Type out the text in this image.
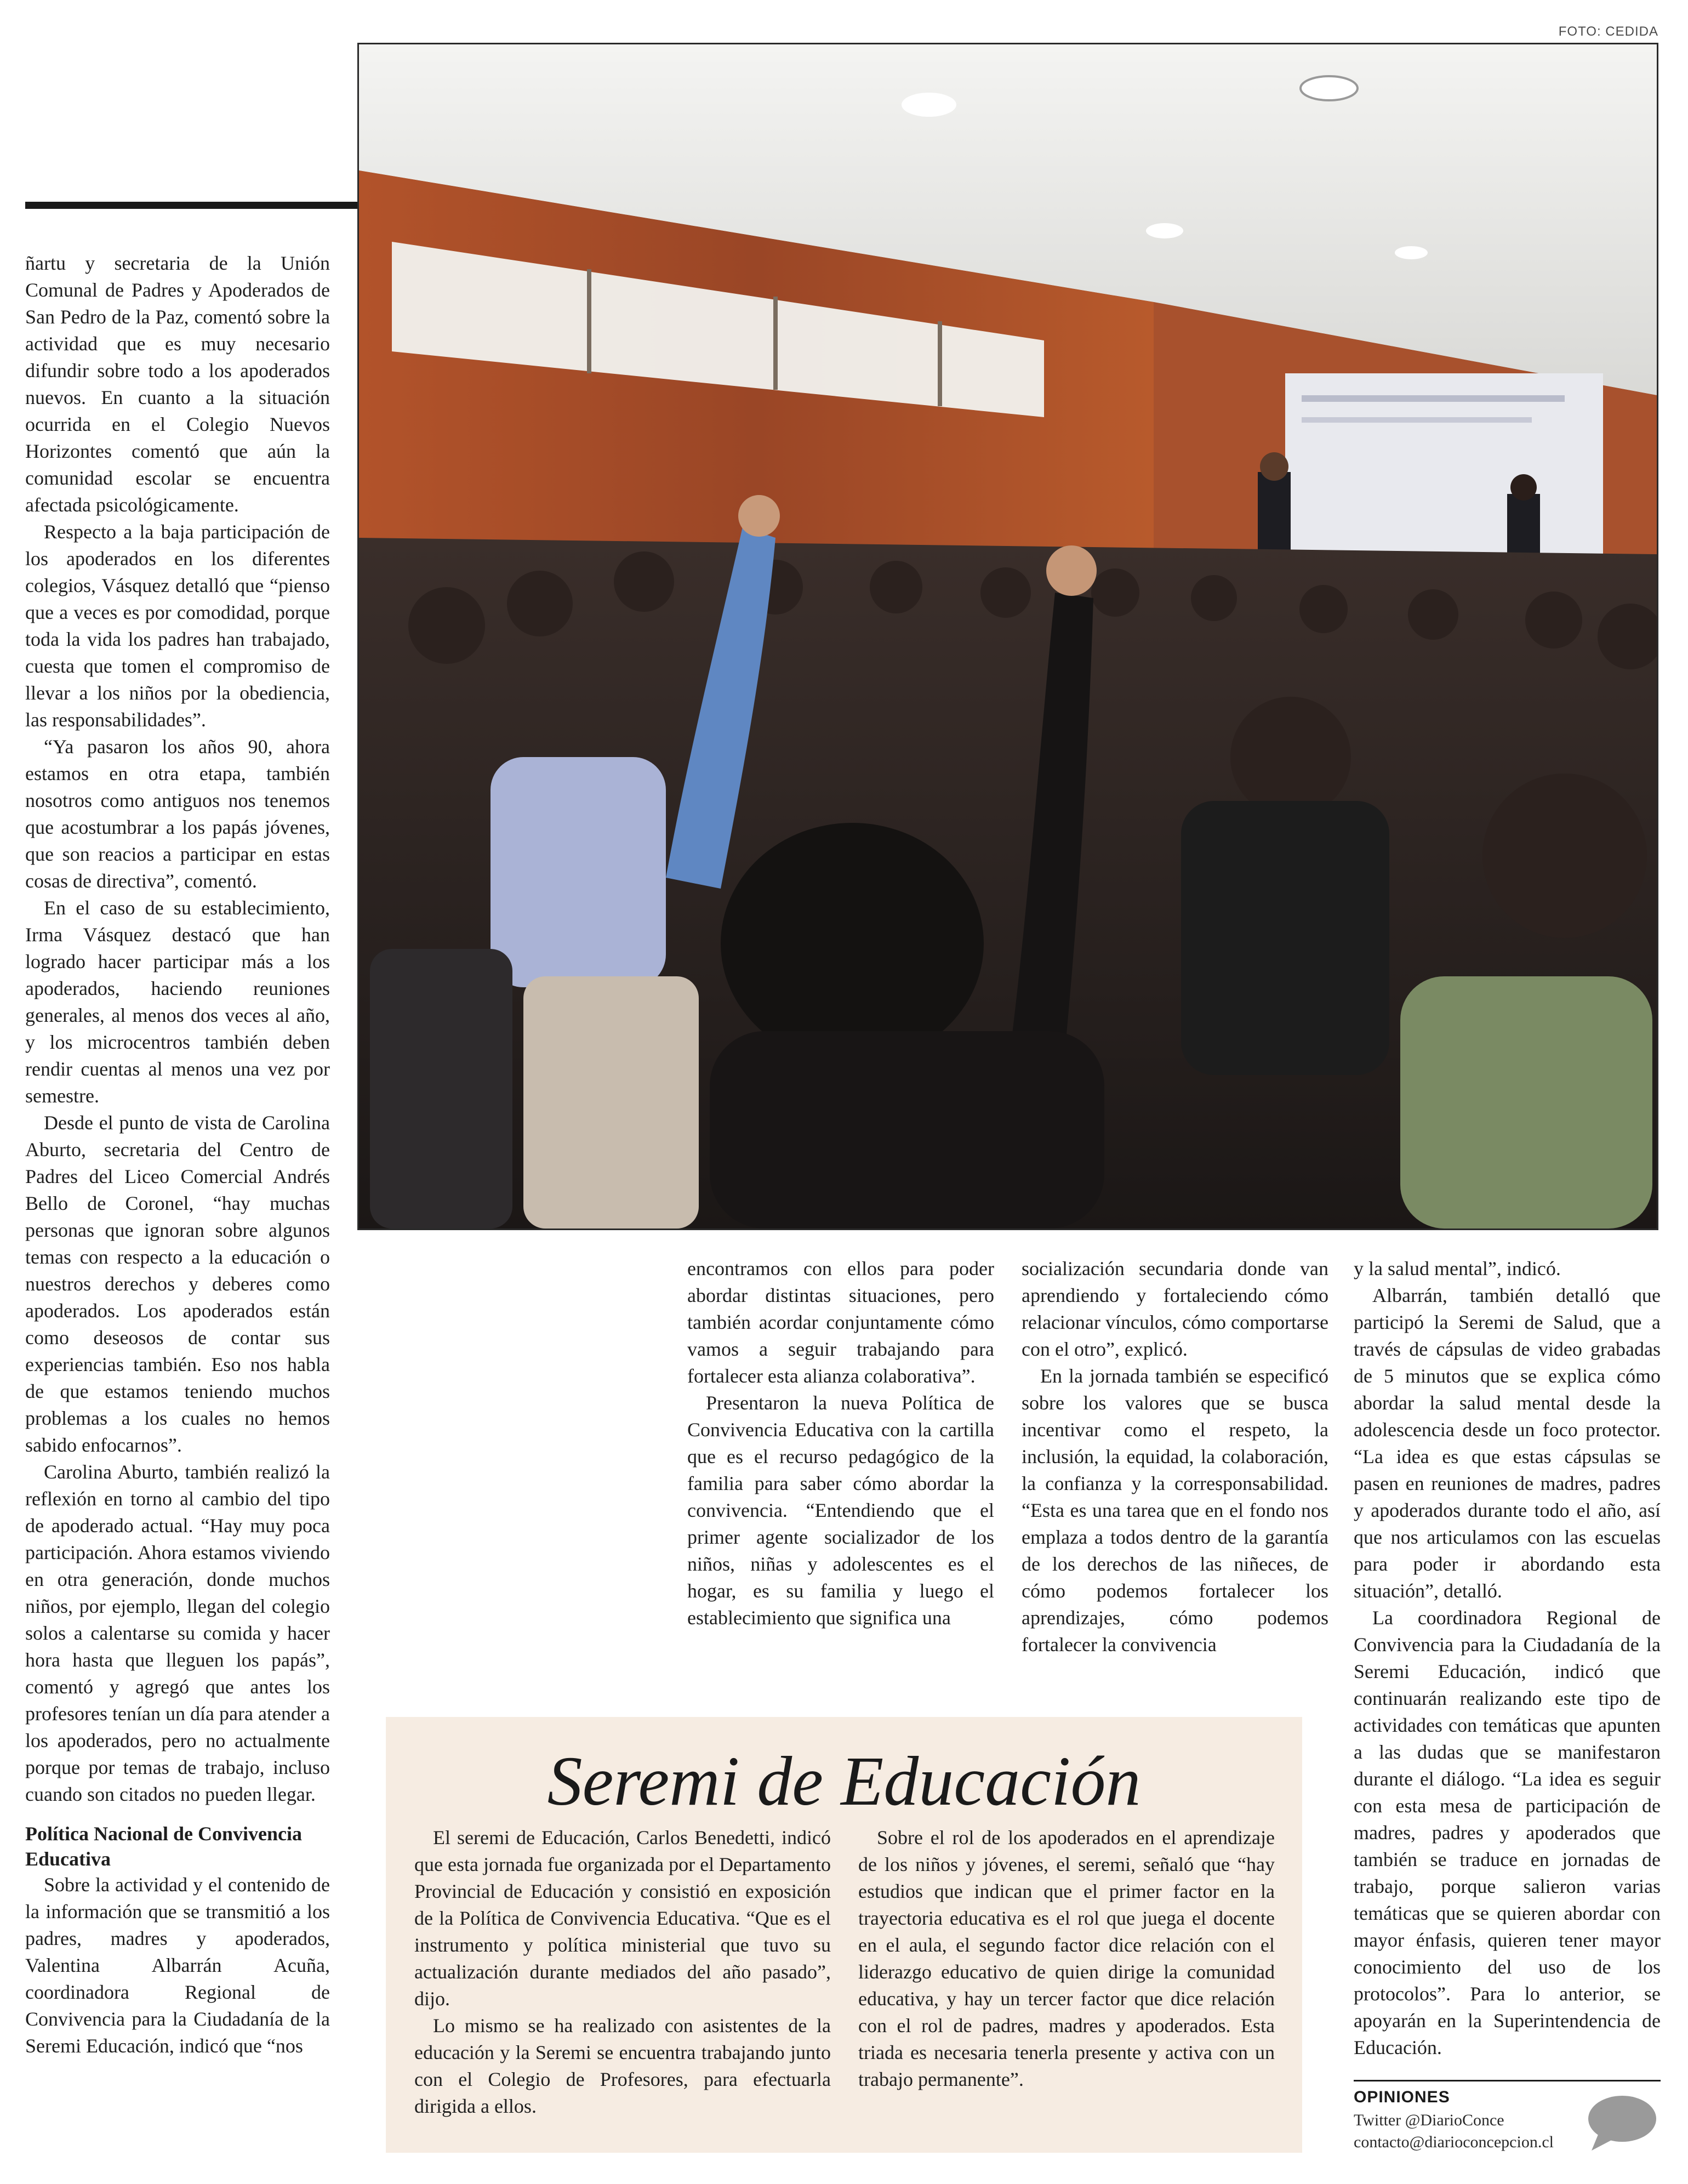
FOTO: CEDIDA

ñartu y secretaria de la Unión Comunal de Padres y Apoderados de San Pedro de la Paz, comentó sobre la actividad que es muy necesario difundir sobre todo a los apoderados nuevos. En cuanto a la situación ocurrida en el Colegio Nuevos Horizontes comentó que aún la comunidad escolar se encuentra afectada psicológicamente.

Respecto a la baja participación de los apoderados en los diferentes colegios, Vásquez detalló que “pienso que a veces es por comodidad, porque toda la vida los padres han trabajado, cuesta que tomen el compromiso de llevar a los niños por la obediencia, las responsabilidades”.

“Ya pasaron los años 90, ahora estamos en otra etapa, también nosotros como antiguos nos tenemos que acostumbrar a los papás jóvenes, que son reacios a participar en estas cosas de directiva”, comentó.

En el caso de su establecimiento, Irma Vásquez destacó que han logrado hacer participar más a los apoderados, haciendo reuniones generales, al menos dos veces al año, y los microcentros también deben rendir cuentas al menos una vez por semestre.

Desde el punto de vista de Carolina Aburto, secretaria del Centro de Padres del Liceo Comercial Andrés Bello de Coronel, “hay muchas personas que ignoran sobre algunos temas con respecto a la educación o nuestros derechos y deberes como apoderados. Los apoderados están como deseosos de contar sus experiencias también. Eso nos habla de que estamos teniendo muchos problemas a los cuales no hemos sabido enfocarnos”.

Carolina Aburto, también realizó la reflexión en torno al cambio del tipo de apoderado actual. “Hay muy poca participación. Ahora estamos viviendo en otra generación, donde muchos niños, por ejemplo, llegan del colegio solos a calentarse su comida y hacer hora hasta que lleguen los papás”, comentó y agregó que antes los profesores tenían un día para atender a los apoderados, pero no actualmente porque por temas de trabajo, incluso cuando son citados no pueden llegar.

Política Nacional de Convivencia Educativa

Sobre la actividad y el contenido de la información que se transmitió a los padres, madres y apoderados, Valentina Albarrán Acuña, coordinadora Regional de Convivencia para la Ciudadanía de la Seremi Educación, indicó que “nos

encontramos con ellos para poder abordar distintas situaciones, pero también acordar conjuntamente cómo vamos a seguir trabajando para fortalecer esta alianza colaborativa”.

Presentaron la nueva Política de Convivencia Educativa con la cartilla que es el recurso pedagógico de la familia para saber cómo abordar la convivencia. “Entendiendo que el primer agente socializador de los niños, niñas y adolescentes es el hogar, es su familia y luego el establecimiento que significa una

socialización secundaria donde van aprendiendo y fortaleciendo cómo relacionar vínculos, cómo comportarse con el otro”, explicó.

En la jornada también se especificó sobre los valores que se busca incentivar como el respeto, la inclusión, la equidad, la colaboración, la confianza y la corresponsabilidad. “Esta es una tarea que en el fondo nos emplaza a todos dentro de la garantía de los derechos de las niñeces, de cómo podemos fortalecer los aprendizajes, cómo podemos fortalecer la convivencia

y la salud mental”, indicó.

Albarrán, también detalló que participó la Seremi de Salud, que a través de cápsulas de video grabadas de 5 minutos que se explica cómo abordar la salud mental desde la adolescencia desde un foco protector. “La idea es que estas cápsulas se pasen en reuniones de madres, padres y apoderados durante todo el año, así que nos articulamos con las escuelas para poder ir abordando esta situación”, detalló.

La coordinadora Regional de Convivencia para la Ciudadanía de la Seremi Educación, indicó que continuarán realizando este tipo de actividades con temáticas que apunten a las dudas que se manifestaron durante el diálogo. “La idea es seguir con esta mesa de participación de madres, padres y apoderados que también se traduce en jornadas de trabajo, porque salieron varias temáticas que se quieren abordar con mayor énfasis, quieren tener mayor conocimiento del uso de los protocolos”. Para lo anterior, se apoyarán en la Superintendencia de Educación.

Seremi de Educación

El seremi de Educación, Carlos Benedetti, indicó que esta jornada fue organizada por el Departamento Provincial de Educación y consistió en exposición de la Política de Convivencia Educativa. “Que es el instrumento y política ministerial que tuvo su actualización durante mediados del año pasado”, dijo.

Lo mismo se ha realizado con asistentes de la educación y la Seremi se encuentra trabajando junto con el Colegio de Profesores, para efectuarla dirigida a ellos.

Sobre el rol de los apoderados en el aprendizaje de los niños y jóvenes, el seremi, señaló que “hay estudios que indican que el primer factor en la trayectoria educativa es el rol que juega el docente en el aula, el segundo factor dice relación con el liderazgo educativo de quien dirige la comunidad educativa, y hay un tercer factor que dice relación con el rol de padres, madres y apoderados. Esta triada es necesaria tenerla presente y activa con un trabajo permanente”.

OPINIONES
Twitter @DiarioConce
contacto@diarioconcepcion.cl
